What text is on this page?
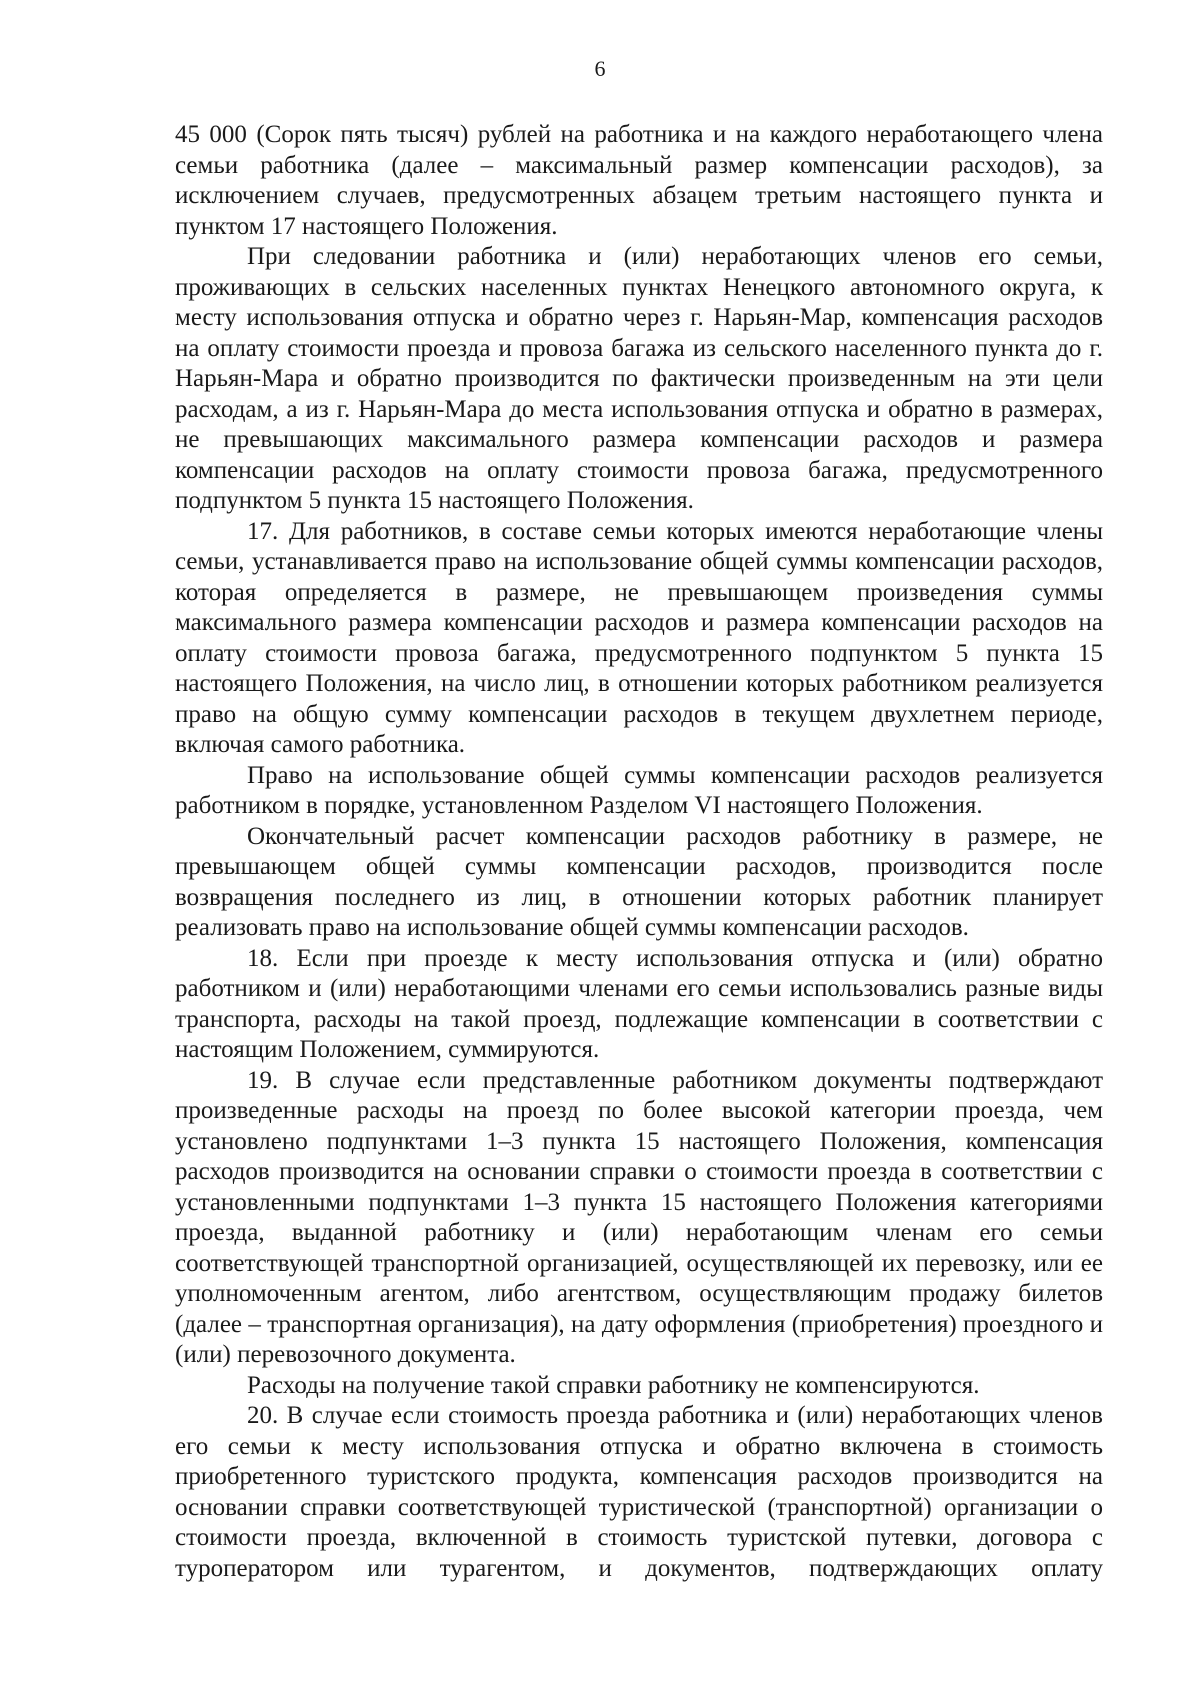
6

45 000 (Сорок пять тысяч) рублей на работника и на каждого неработающего члена семьи работника (далее – максимальный размер компенсации расходов), за исключением случаев, предусмотренных абзацем третьим настоящего пункта и пунктом 17 настоящего Положения.

При следовании работника и (или) неработающих членов его семьи, проживающих в сельских населенных пунктах Ненецкого автономного округа, к месту использования отпуска и обратно через г. Нарьян-Мар, компенсация расходов на оплату стоимости проезда и провоза багажа из сельского населенного пункта до г. Нарьян-Мара и обратно производится по фактически произведенным на эти цели расходам, а из г. Нарьян-Мара до места использования отпуска и обратно в размерах, не превышающих максимального размера компенсации расходов и размера компенсации расходов на оплату стоимости провоза багажа, предусмотренного подпунктом 5 пункта 15 настоящего Положения.

17. Для работников, в составе семьи которых имеются неработающие члены семьи, устанавливается право на использование общей суммы компенсации расходов, которая определяется в размере, не превышающем произведения суммы максимального размера компенсации расходов и размера компенсации расходов на оплату стоимости провоза багажа, предусмотренного подпунктом 5 пункта 15 настоящего Положения, на число лиц, в отношении которых работником реализуется право на общую сумму компенсации расходов в текущем двухлетнем периоде, включая самого работника.

Право на использование общей суммы компенсации расходов реализуется работником в порядке, установленном Разделом VI настоящего Положения.

Окончательный расчет компенсации расходов работнику в размере, не превышающем общей суммы компенсации расходов, производится после возвращения последнего из лиц, в отношении которых работник планирует реализовать право на использование общей суммы компенсации расходов.

18. Если при проезде к месту использования отпуска и (или) обратно работником и (или) неработающими членами его семьи использовались разные виды транспорта, расходы на такой проезд, подлежащие компенсации в соответствии с настоящим Положением, суммируются.

19. В случае если представленные работником документы подтверждают произведенные расходы на проезд по более высокой категории проезда, чем установлено подпунктами 1–3 пункта 15 настоящего Положения, компенсация расходов производится на основании справки о стоимости проезда в соответствии с установленными подпунктами 1–3 пункта 15 настоящего Положения категориями проезда, выданной работнику и (или) неработающим членам его семьи соответствующей транспортной организацией, осуществляющей их перевозку, или ее уполномоченным агентом, либо агентством, осуществляющим продажу билетов (далее – транспортная организация), на дату оформления (приобретения) проездного и (или) перевозочного документа.

Расходы на получение такой справки работнику не компенсируются.

20. В случае если стоимость проезда работника и (или) неработающих членов его семьи к месту использования отпуска и обратно включена в стоимость приобретенного туристского продукта, компенсация расходов производится на основании справки соответствующей туристической (транспортной) организации о стоимости проезда, включенной в стоимость туристской путевки, договора с туроператором или турагентом, и документов, подтверждающих оплату
